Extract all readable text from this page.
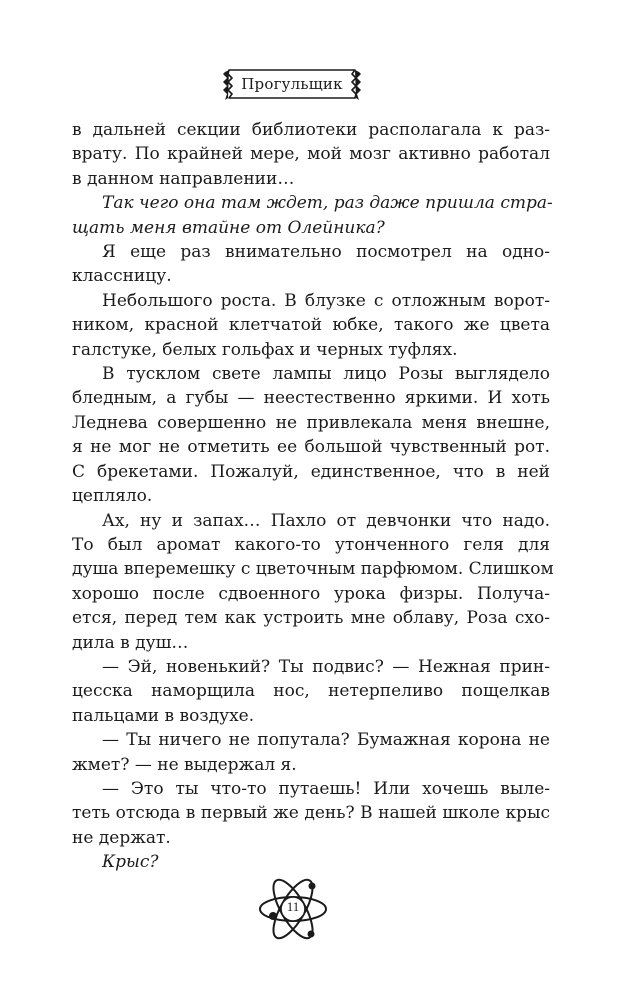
Прогульщик
в дальней секции библиотеки располагала к раз-
врату. По крайней мере, мой мозг активно работал
в данном направлении…
Так чего она там ждет, раз даже пришла стра-
щать меня втайне от Олейника?
Я еще раз внимательно посмотрел на одно-
классницу.
Небольшого роста. В блузке с отложным ворот-
ником, красной клетчатой юбке, такого же цвета
галстуке, белых гольфах и черных туфлях.
В тусклом свете лампы лицо Розы выглядело
бледным, а губы — неестественно яркими. И хоть
Леднева совершенно не привлекала меня внешне,
я не мог не отметить ее большой чувственный рот.
С брекетами. Пожалуй, единственное, что в ней
цепляло.
Ах, ну и запах… Пахло от девчонки что надо.
То был аромат какого-то утонченного геля для
душа вперемешку с цветочным парфюмом. Слишком
хорошо после сдвоенного урока физры. Получа-
ется, перед тем как устроить мне облаву, Роза схо-
дила в душ…
— Эй, новенький? Ты подвис? — Нежная прин-
цесска наморщила нос, нетерпеливо пощелкав
пальцами в воздухе.
— Ты ничего не попутала? Бумажная корона не
жмет? — не выдержал я.
— Это ты что-то путаешь! Или хочешь выле-
теть отсюда в первый же день? В нашей школе крыс
не держат.
Крыс?
11
